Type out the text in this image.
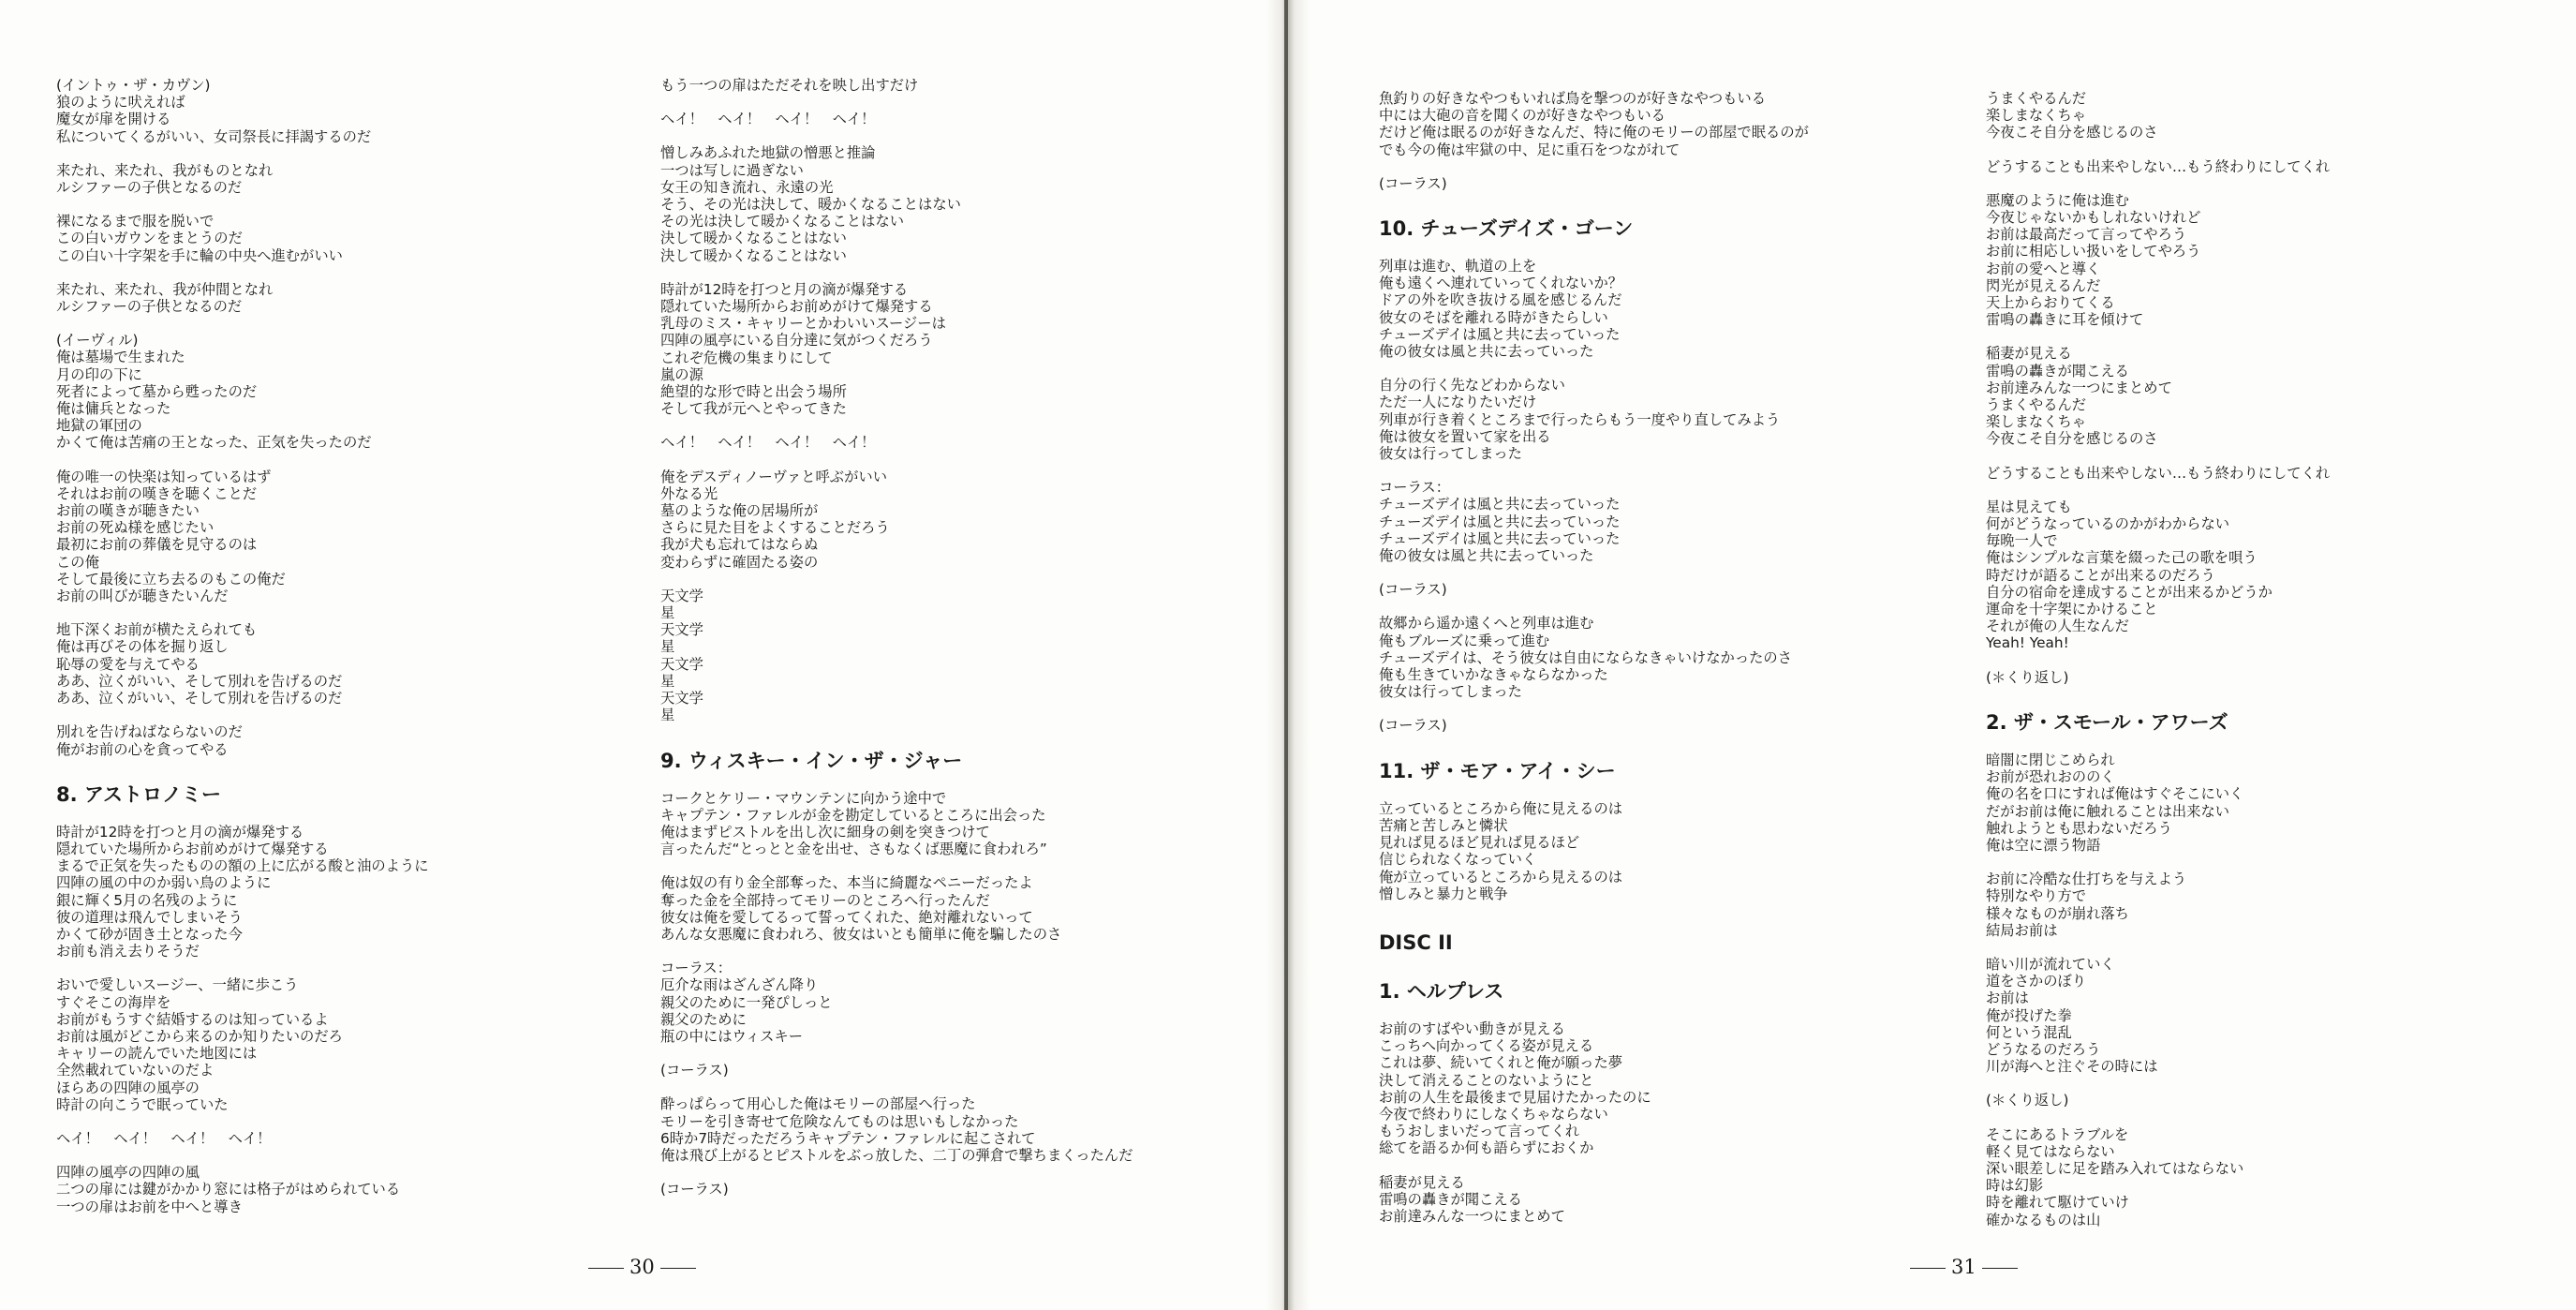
(イントゥ・ザ・カヴン)
狼のように吠えれば
魔女が扉を開ける
私についてくるがいい、女司祭長に拝謁するのだ
来たれ、来たれ、我がものとなれ
ルシファーの子供となるのだ
裸になるまで服を脱いで
この白いガウンをまとうのだ
この白い十字架を手に輪の中央へ進むがいい
来たれ、来たれ、我が仲間となれ
ルシファーの子供となるのだ
(イーヴィル)
俺は墓場で生まれた
月の印の下に
死者によって墓から甦ったのだ
俺は傭兵となった
地獄の軍団の
かくて俺は苦痛の王となった、正気を失ったのだ
俺の唯一の快楽は知っているはず
それはお前の嘆きを聴くことだ
お前の嘆きが聴きたい
お前の死ぬ様を感じたい
最初にお前の葬儀を見守るのは
この俺
そして最後に立ち去るのもこの俺だ
お前の叫びが聴きたいんだ
地下深くお前が横たえられても
俺は再びその体を掘り返し
恥辱の愛を与えてやる
ああ、泣くがいい、そして別れを告げるのだ
ああ、泣くがいい、そして別れを告げるのだ
別れを告げねばならないのだ
俺がお前の心を貪ってやる
8. アストロノミー
時計が12時を打つと月の滴が爆発する
隠れていた場所からお前めがけて爆発する
まるで正気を失ったものの額の上に広がる酸と油のように
四陣の風の中のか弱い鳥のように
銀に輝く5月の名残のように
彼の道理は飛んでしまいそう
かくて砂が固き土となった今
お前も消え去りそうだ
おいで愛しいスージー、一緒に歩こう
すぐそこの海岸を
お前がもうすぐ結婚するのは知っているよ
お前は風がどこから来るのか知りたいのだろ
キャリーの読んでいた地図には
全然載れていないのだよ
ほらあの四陣の風亭の
時計の向こうで眠っていた
ヘイ！　ヘイ！　ヘイ！　ヘイ！
四陣の風亭の四陣の風
二つの扉には鍵がかかり窓には格子がはめられている
一つの扉はお前を中へと導き
もう一つの扉はただそれを映し出すだけ
ヘイ！　ヘイ！　ヘイ！　ヘイ！
憎しみあふれた地獄の憎悪と推論
一つは写しに過ぎない
女王の知き流れ、永遠の光
そう、その光は決して、暖かくなることはない
その光は決して暖かくなることはない
決して暖かくなることはない
決して暖かくなることはない
時計が12時を打つと月の滴が爆発する
隠れていた場所からお前めがけて爆発する
乳母のミス・キャリーとかわいいスージーは
四陣の風亭にいる自分達に気がつくだろう
これぞ危機の集まりにして
嵐の源
絶望的な形で時と出会う場所
そして我が元へとやってきた
ヘイ！　ヘイ！　ヘイ！　ヘイ！
俺をデスディノーヴァと呼ぶがいい
外なる光
墓のような俺の居場所が
さらに見た目をよくすることだろう
我が犬も忘れてはならぬ
変わらずに確固たる姿の
天文学
星
天文学
星
天文学
星
天文学
星
9. ウィスキー・イン・ザ・ジャー
コークとケリー・マウンテンに向かう途中で
キャプテン・ファレルが金を勘定しているところに出会った
俺はまずピストルを出し次に細身の剣を突きつけて
言ったんだ“とっとと金を出せ、さもなくば悪魔に食われろ”
俺は奴の有り金全部奪った、本当に綺麗なペニーだったよ
奪った金を全部持ってモリーのところへ行ったんだ
彼女は俺を愛してるって誓ってくれた、絶対離れないって
あんな女悪魔に食われろ、彼女はいとも簡単に俺を騙したのさ
コーラス：
厄介な雨はざんざん降り
親父のために一発ぴしっと
親父のために
瓶の中にはウィスキー
(コーラス)
酔っぱらって用心した俺はモリーの部屋へ行った
モリーを引き寄せて危険なんてものは思いもしなかった
6時か7時だっただろうキャプテン・ファレルに起こされて
俺は飛び上がるとピストルをぶっ放した、二丁の弾倉で撃ちまくったんだ
(コーラス)
30
魚釣りの好きなやつもいれば鳥を撃つのが好きなやつもいる
中には大砲の音を聞くのが好きなやつもいる
だけど俺は眠るのが好きなんだ、特に俺のモリーの部屋で眠るのが
でも今の俺は牢獄の中、足に重石をつながれて
(コーラス)
10. チューズデイズ・ゴーン
列車は進む、軌道の上を
俺も遠くへ連れていってくれないか？
ドアの外を吹き抜ける風を感じるんだ
彼女のそばを離れる時がきたらしい
チューズデイは風と共に去っていった
俺の彼女は風と共に去っていった
自分の行く先などわからない
ただ一人になりたいだけ
列車が行き着くところまで行ったらもう一度やり直してみよう
俺は彼女を置いて家を出る
彼女は行ってしまった
コーラス：
チューズデイは風と共に去っていった
チューズデイは風と共に去っていった
チューズデイは風と共に去っていった
俺の彼女は風と共に去っていった
(コーラス)
故郷から遥か遠くへと列車は進む
俺もブルーズに乗って進む
チューズデイは、そう彼女は自由にならなきゃいけなかったのさ
俺も生きていかなきゃならなかった
彼女は行ってしまった
(コーラス)
11. ザ・モア・アイ・シー
立っているところから俺に見えるのは
苦痛と苦しみと憐状
見れば見るほど見れば見るほど
信じられなくなっていく
俺が立っているところから見えるのは
憎しみと暴力と戦争
DISC II
1. ヘルプレス
お前のすばやい動きが見える
こっちへ向かってくる姿が見える
これは夢、続いてくれと俺が願った夢
決して消えることのないようにと
お前の人生を最後まで見届けたかったのに
今夜で終わりにしなくちゃならない
もうおしまいだって言ってくれ
総てを語るか何も語らずにおくか
稲妻が見える
雷鳴の轟きが聞こえる
お前達みんな一つにまとめて
うまくやるんだ
楽しまなくちゃ
今夜こそ自分を感じるのさ
どうすることも出来やしない…もう終わりにしてくれ
悪魔のように俺は進む
今夜じゃないかもしれないけれど
お前は最高だって言ってやろう
お前に相応しい扱いをしてやろう
お前の愛へと導く
閃光が見えるんだ
天上からおりてくる
雷鳴の轟きに耳を傾けて
稲妻が見える
雷鳴の轟きが聞こえる
お前達みんな一つにまとめて
うまくやるんだ
楽しまなくちゃ
今夜こそ自分を感じるのさ
どうすることも出来やしない…もう終わりにしてくれ
* 星は見えても
何がどうなっているのかがわからない
毎晩一人で
俺はシンプルな言葉を綴った己の歌を唄う
時だけが語ることが出来るのだろう
自分の宿命を達成することが出来るかどうか
運命を十字架にかけること
それが俺の人生なんだ
Yeah! Yeah!
(＊くり返し)
2. ザ・スモール・アワーズ
暗闇に閉じこめられ
お前が恐れおののく
俺の名を口にすれば俺はすぐそこにいく
だがお前は俺に触れることは出来ない
触れようとも思わないだろう
俺は空に漂う物語
* お前に冷酷な仕打ちを与えよう
特別なやり方で
様々なものが崩れ落ち
結局お前は
暗い川が流れていく
道をさかのぼり
お前は
俺が投げた拳
何という混乱
どうなるのだろう
川が海へと注ぐその時には
(＊くり返し)
そこにあるトラブルを
軽く見てはならない
深い眼差しに足を踏み入れてはならない
時は幻影
時を離れて駆けていけ
確かなるものは山
31
